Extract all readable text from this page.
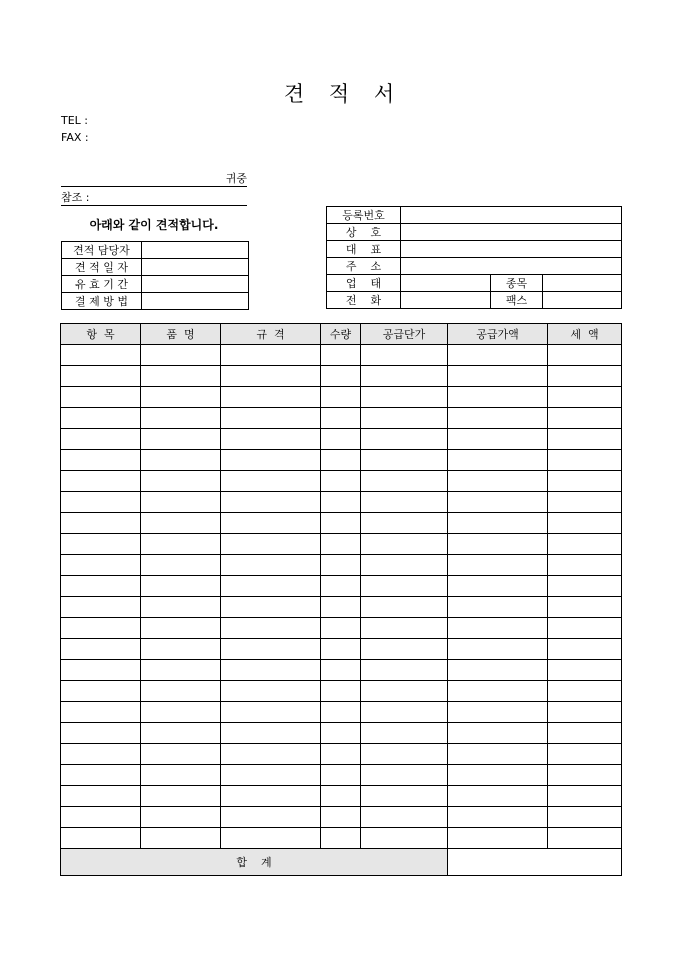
견 적 서
TEL :
FAX :
귀중
참조 :
아래와 같이 견적합니다.
견적 담당자	
견 적 일 자	
유 효 기 간	
결 제 방 법	
등록번호			
상    호			
대    표			
주    소			
업    태		종목	
전    화		팩스	
항  목	품  명	규  격	수량	공급단가	공급가액	세  액

합    계						
